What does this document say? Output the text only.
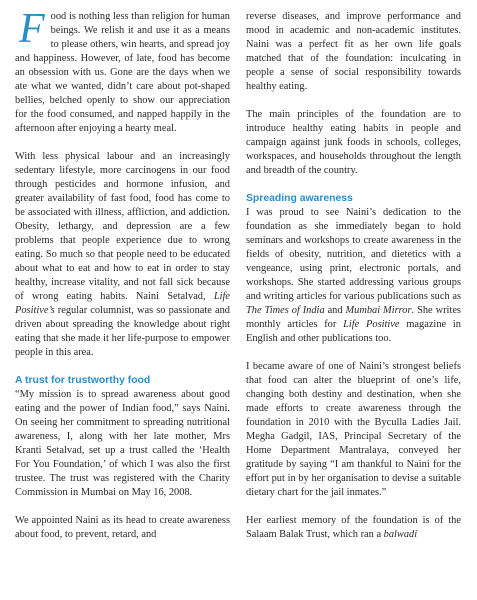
Food is nothing less than religion for human beings. We relish it and use it as a means to please others, win hearts, and spread joy and happiness. However, of late, food has become an obsession with us. Gone are the days when we ate what we wanted, didn’t care about pot-shaped bellies, belched openly to show our appreciation for the food consumed, and napped happily in the afternoon after enjoying a hearty meal.

With less physical labour and an increasingly sedentary lifestyle, more carcinogens in our food through pesticides and hormone infusion, and greater availability of fast food, food has come to be associated with illness, affliction, and addiction. Obesity, lethargy, and depression are a few problems that people experience due to wrong eating. So much so that people need to be educated about what to eat and how to eat in order to stay healthy, increase vitality, and not fall sick because of wrong eating habits. Naini Setalvad, Life Positive’s regular columnist, was so passionate and driven about spreading the knowledge about right eating that she made it her life-purpose to empower people in this area.

A trust for trustworthy food

“My mission is to spread awareness about good eating and the power of Indian food,” says Naini. On seeing her commitment to spreading nutritional awareness, I, along with her late mother, Mrs Kranti Setalvad, set up a trust called the ‘Health For You Foundation,’ of which I was also the first trustee. The trust was registered with the Charity Commission in Mumbai on May 16, 2008.

We appointed Naini as its head to create awareness about food, to prevent, retard, and

reverse diseases, and improve performance and mood in academic and non-academic institutes. Naini was a perfect fit as her own life goals matched that of the foundation: inculcating in people a sense of social responsibility towards healthy eating.

The main principles of the foundation are to introduce healthy eating habits in people and campaign against junk foods in schools, colleges, workspaces, and households throughout the length and breadth of the country.

Spreading awareness

I was proud to see Naini’s dedication to the foundation as she immediately began to hold seminars and workshops to create awareness in the fields of obesity, nutrition, and dietetics with a vengeance, using print, electronic portals, and workshops. She started addressing various groups and writing articles for various publications such as The Times of India and Mumbai Mirror. She writes monthly articles for Life Positive magazine in English and other publications too.

I became aware of one of Naini’s strongest beliefs that food can alter the blueprint of one’s life, changing both destiny and destination, when she made efforts to create awareness through the foundation in 2010 with the Byculla Ladies Jail. Megha Gadgil, IAS, Principal Secretary of the Home Department Mantralaya, conveyed her gratitude by saying “I am thankful to Naini for the effort put in by her organisation to devise a suitable dietary chart for the jail inmates.”

Her earliest memory of the foundation is of the Salaam Balak Trust, which ran a balwadi
